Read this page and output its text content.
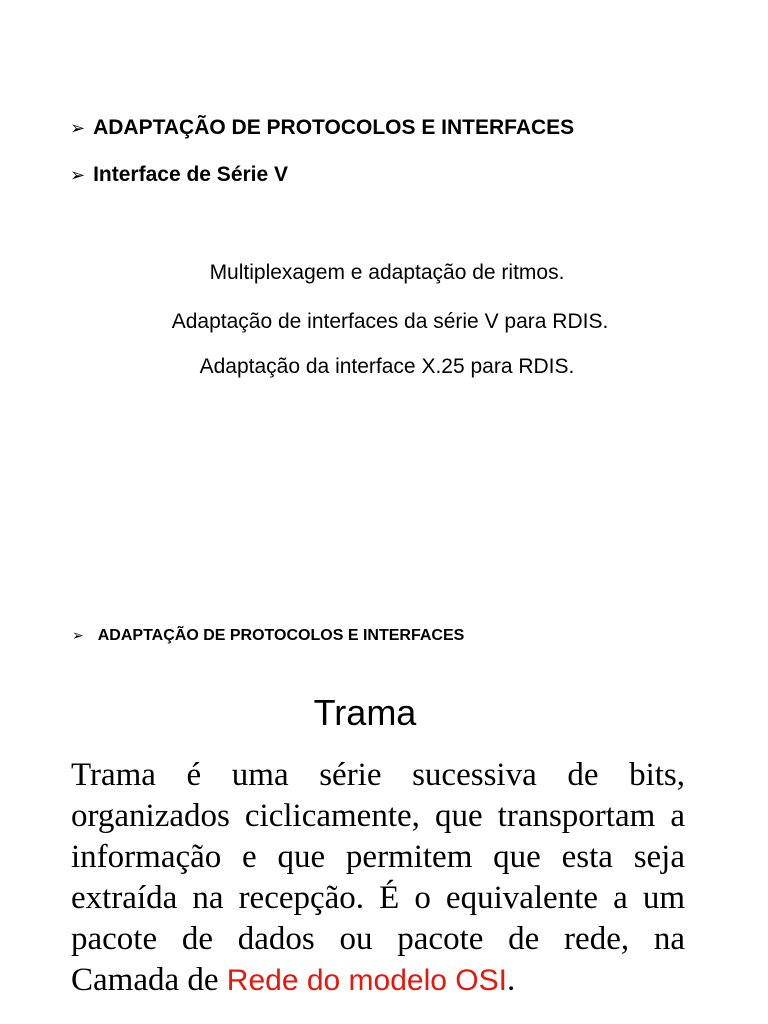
➢ ADAPTAÇÃO DE PROTOCOLOS E INTERFACES
➢ Interface de Série V
Multiplexagem e adaptação de ritmos.
Adaptação de interfaces da série V para RDIS.
Adaptação da interface X.25 para RDIS.
➢ ADAPTAÇÃO DE PROTOCOLOS E INTERFACES
Trama
Trama é uma série sucessiva de bits, organizados ciclicamente, que transportam a informação e que permitem que esta seja extraída na recepção. É o equivalente a um pacote de dados ou pacote de rede, na Camada de Rede do modelo OSI.
